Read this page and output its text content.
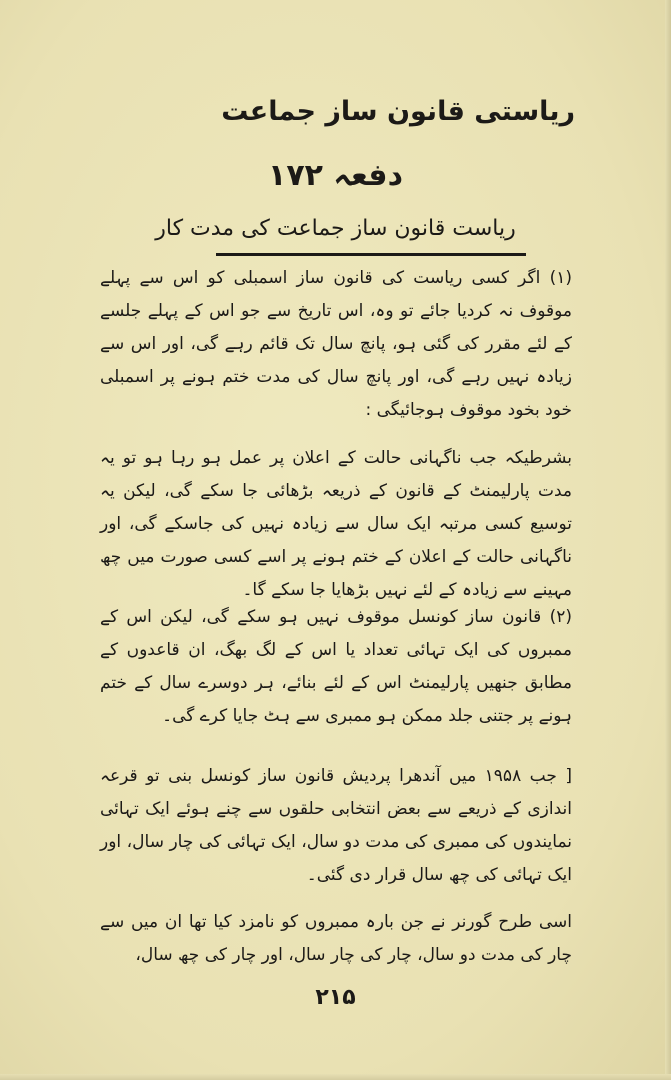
ریاستی قانون ساز جماعت
دفعہ ۱۷۲
ریاست قانون ساز جماعت کی مدت کار

(۱) اگر کسی ریاست کی قانون ساز اسمبلی کو اس سے پہلے موقوف نہ کردیا جائے تو وہ، اس تاریخ سے جو اس کے پہلے جلسے کے لئے مقرر کی گئی ہو، پانچ سال تک قائم رہے گی، اور اس سے زیادہ نہیں رہے گی، اور پانچ سال کی مدت ختم ہونے پر اسمبلی خود بخود موقوف ہوجائیگی :

بشرطیکہ جب ناگہانی حالت کے اعلان پر عمل ہو رہا ہو تو یہ مدت پارلیمنٹ کے قانون کے ذریعہ بڑھائی جا سکے گی، لیکن یہ توسیع کسی مرتبہ ایک سال سے زیادہ نہیں کی جاسکے گی، اور ناگہانی حالت کے اعلان کے ختم ہونے پر اسے کسی صورت میں چھ مہینے سے زیادہ کے لئے نہیں بڑھایا جا سکے گا۔

(۲) قانون ساز کونسل موقوف نہیں ہو سکے گی، لیکن اس کے ممبروں کی ایک تہائی تعداد یا اس کے لگ بھگ، ان قاعدوں کے مطابق جنھیں پارلیمنٹ اس کے لئے بنائے، ہر دوسرے سال کے ختم ہونے پر جتنی جلد ممکن ہو ممبری سے ہٹ جایا کرے گی۔

[ جب ۱۹۵۸ میں آندھرا پردیش قانون ساز کونسل بنی تو قرعہ اندازی کے ذریعے سے بعض انتخابی حلقوں سے چنے ہوئے ایک تہائی نمایندوں کی ممبری کی مدت دو سال، ایک تہائی کی چار سال، اور ایک تہائی کی چھ سال قرار دی گئی۔

اسی طرح گورنر نے جن بارہ ممبروں کو نامزد کیا تھا ان میں سے چار کی مدت دو سال، چار کی چار سال، اور چار کی چھ سال،

۲۱۵
